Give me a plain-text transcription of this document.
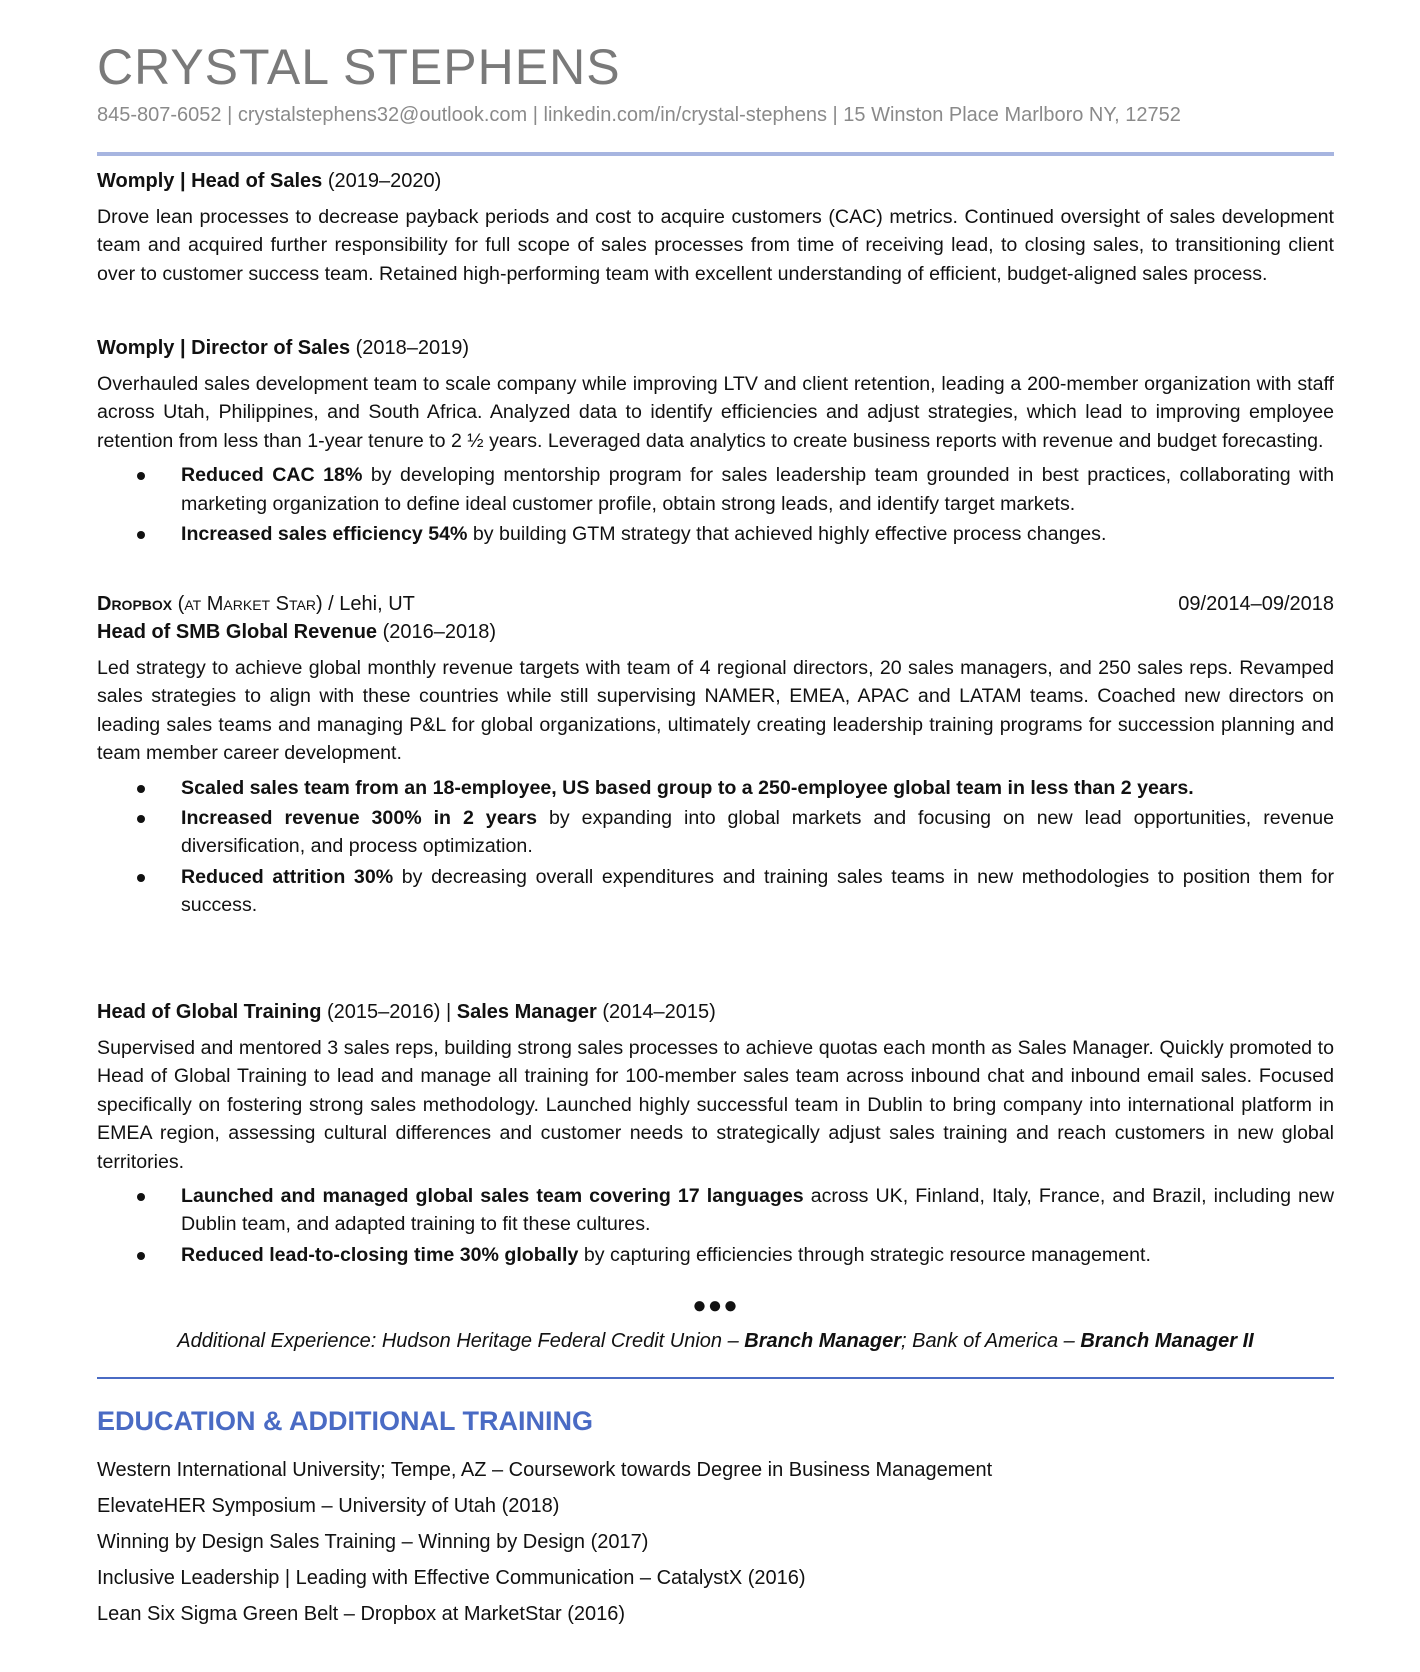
CRYSTAL STEPHENS
845-807-6052 | crystalstephens32@outlook.com | linkedin.com/in/crystal-stephens | 15 Winston Place Marlboro NY, 12752
Womply | Head of Sales (2019–2020)
Drove lean processes to decrease payback periods and cost to acquire customers (CAC) metrics. Continued oversight of sales development team and acquired further responsibility for full scope of sales processes from time of receiving lead, to closing sales, to transitioning client over to customer success team. Retained high-performing team with excellent understanding of efficient, budget-aligned sales process.
Womply | Director of Sales (2018–2019)
Overhauled sales development team to scale company while improving LTV and client retention, leading a 200-member organization with staff across Utah, Philippines, and South Africa. Analyzed data to identify efficiencies and adjust strategies, which lead to improving employee retention from less than 1-year tenure to 2 ½ years. Leveraged data analytics to create business reports with revenue and budget forecasting.
Reduced CAC 18% by developing mentorship program for sales leadership team grounded in best practices, collaborating with marketing organization to define ideal customer profile, obtain strong leads, and identify target markets.
Increased sales efficiency 54% by building GTM strategy that achieved highly effective process changes.
Dropbox (at Market Star) / Lehi, UT	09/2014–09/2018
Head of SMB Global Revenue (2016–2018)
Led strategy to achieve global monthly revenue targets with team of 4 regional directors, 20 sales managers, and 250 sales reps. Revamped sales strategies to align with these countries while still supervising NAMER, EMEA, APAC and LATAM teams. Coached new directors on leading sales teams and managing P&L for global organizations, ultimately creating leadership training programs for succession planning and team member career development.
Scaled sales team from an 18-employee, US based group to a 250-employee global team in less than 2 years.
Increased revenue 300% in 2 years by expanding into global markets and focusing on new lead opportunities, revenue diversification, and process optimization.
Reduced attrition 30% by decreasing overall expenditures and training sales teams in new methodologies to position them for success.
Head of Global Training (2015–2016) | Sales Manager (2014–2015)
Supervised and mentored 3 sales reps, building strong sales processes to achieve quotas each month as Sales Manager. Quickly promoted to Head of Global Training to lead and manage all training for 100-member sales team across inbound chat and inbound email sales. Focused specifically on fostering strong sales methodology. Launched highly successful team in Dublin to bring company into international platform in EMEA region, assessing cultural differences and customer needs to strategically adjust sales training and reach customers in new global territories.
Launched and managed global sales team covering 17 languages across UK, Finland, Italy, France, and Brazil, including new Dublin team, and adapted training to fit these cultures.
Reduced lead-to-closing time 30% globally by capturing efficiencies through strategic resource management.
●●●
Additional Experience: Hudson Heritage Federal Credit Union – Branch Manager; Bank of America – Branch Manager II
EDUCATION & ADDITIONAL TRAINING
Western International University; Tempe, AZ – Coursework towards Degree in Business Management
ElevateHER Symposium – University of Utah (2018)
Winning by Design Sales Training – Winning by Design (2017)
Inclusive Leadership | Leading with Effective Communication – CatalystX (2016)
Lean Six Sigma Green Belt – Dropbox at MarketStar (2016)
